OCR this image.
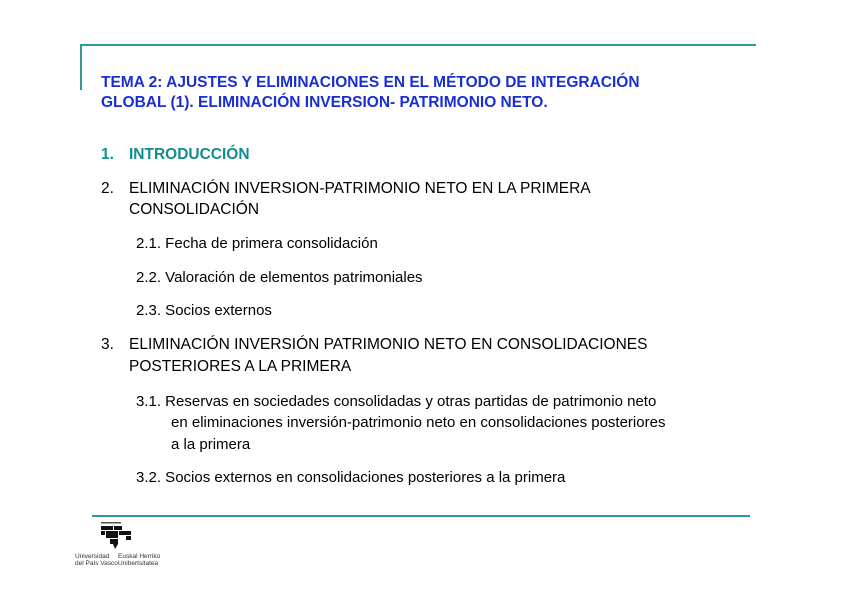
TEMA 2: AJUSTES Y ELIMINACIONES EN EL MÉTODO DE INTEGRACIÓN
GLOBAL (1). ELIMINACIÓN INVERSION- PATRIMONIO NETO.
1. INTRODUCCIÓN
2. ELIMINACIÓN INVERSION-PATRIMONIO NETO EN LA PRIMERA
CONSOLIDACIÓN
2.1. Fecha de primera consolidación
2.2. Valoración de elementos patrimoniales
2.3. Socios externos
3. ELIMINACIÓN INVERSIÓN PATRIMONIO NETO EN CONSOLIDACIONES
POSTERIORES A LA PRIMERA
3.1. Reservas en sociedades consolidadas y otras partidas de patrimonio neto
en eliminaciones inversión-patrimonio neto en consolidaciones posteriores
a la primera
3.2. Socios externos en consolidaciones posteriores a la primera
Universidad
del País Vasco
Euskal Herriko
Unibertsitatea
